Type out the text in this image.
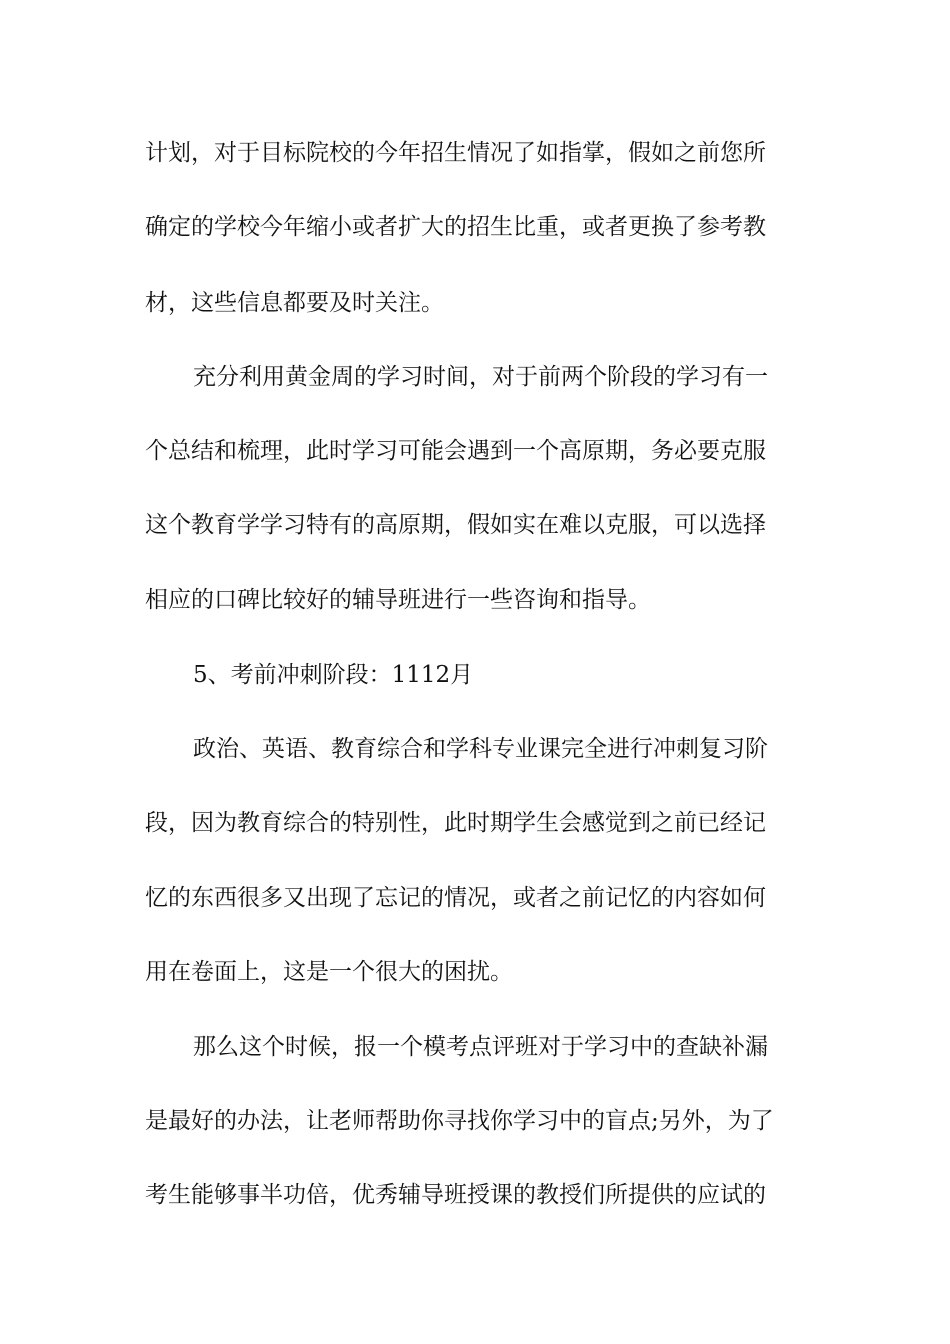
计划，对于目标院校的今年招生情况了如指掌，假如之前您所
确定的学校今年缩小或者扩大的招生比重，或者更换了参考教
材，这些信息都要及时关注。
充分利用黄金周的学习时间，对于前两个阶段的学习有一
个总结和梳理，此时学习可能会遇到一个高原期，务必要克服
这个教育学学习特有的高原期，假如实在难以克服，可以选择
相应的口碑比较好的辅导班进行一些咨询和指导。
5、考前冲刺阶段：1112月
政治、英语、教育综合和学科专业课完全进行冲刺复习阶
段，因为教育综合的特别性，此时期学生会感觉到之前已经记
忆的东西很多又出现了忘记的情况，或者之前记忆的内容如何
用在卷面上，这是一个很大的困扰。
那么这个时候，报一个模考点评班对于学习中的查缺补漏
是最好的办法，让老师帮助你寻找你学习中的盲点;另外，为了
考生能够事半功倍，优秀辅导班授课的教授们所提供的应试的
